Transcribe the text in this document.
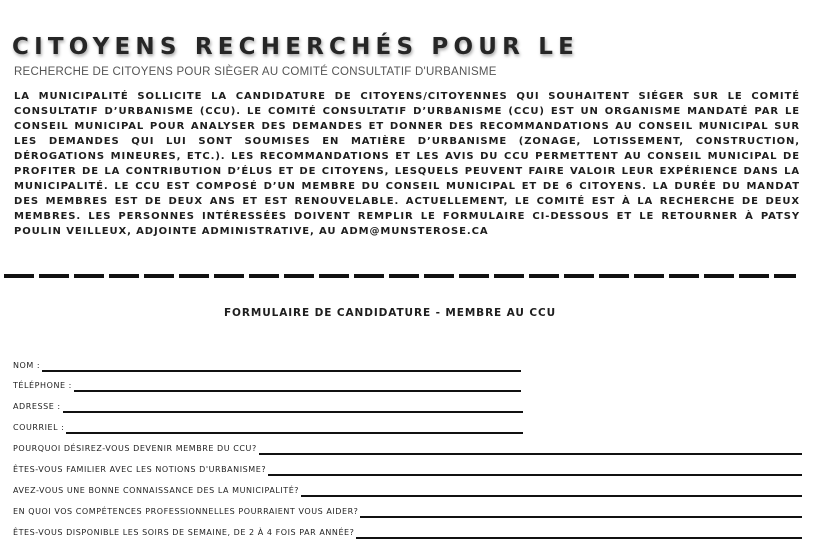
CITOYENS RECHERCHÉS POUR LE
RECHERCHE DE CITOYENS POUR SIÈGER AU COMITÉ CONSULTATIF D'URBANISME
LA MUNICIPALITÉ SOLLICITE LA CANDIDATURE DE CITOYENS/CITOYENNES QUI SOUHAITENT SIÉGER SUR LE COMITÉ CONSULTATIF D’URBANISME (CCU). LE COMITÉ CONSULTATIF D’URBANISME (CCU) EST UN ORGANISME MANDATÉ PAR LE CONSEIL MUNICIPAL POUR ANALYSER DES DEMANDES ET DONNER DES RECOMMANDATIONS AU CONSEIL MUNICIPAL SUR LES DEMANDES QUI LUI SONT SOUMISES EN MATIÈRE D’URBANISME (ZONAGE, LOTISSEMENT, CONSTRUCTION, DÉROGATIONS MINEURES, ETC.). LES RECOMMANDATIONS ET LES AVIS DU CCU PERMETTENT AU CONSEIL MUNICIPAL DE PROFITER DE LA CONTRIBUTION D’ÉLUS ET DE CITOYENS, LESQUELS PEUVENT FAIRE VALOIR LEUR EXPÉRIENCE DANS LA MUNICIPALITÉ. LE CCU EST COMPOSÉ D’UN MEMBRE DU CONSEIL MUNICIPAL ET DE 6 CITOYENS. LA DURÉE DU MANDAT DES MEMBRES EST DE DEUX ANS ET EST RENOUVELABLE. ACTUELLEMENT, LE COMITÉ EST À LA RECHERCHE DE DEUX MEMBRES. LES PERSONNES INTÉRESSÉES DOIVENT REMPLIR LE FORMULAIRE CI-DESSOUS ET LE RETOURNER À PATSY POULIN VEILLEUX, ADJOINTE ADMINISTRATIVE, AU ADM@MUNSTEROSE.CA
FORMULAIRE DE CANDIDATURE - MEMBRE AU CCU
NOM :
TÉLÉPHONE :
ADRESSE :
COURRIEL :
POURQUOI DÉSIREZ-VOUS DEVENIR MEMBRE DU CCU?
ÊTES-VOUS FAMILIER AVEC LES NOTIONS D'URBANISME?
AVEZ-VOUS UNE BONNE CONNAISSANCE DES LA MUNICIPALITÉ?
EN QUOI VOS COMPÉTENCES PROFESSIONNELLES POURRAIENT VOUS AIDER?
ÊTES-VOUS DISPONIBLE LES SOIRS DE SEMAINE, DE 2 À 4 FOIS PAR ANNÉE?
